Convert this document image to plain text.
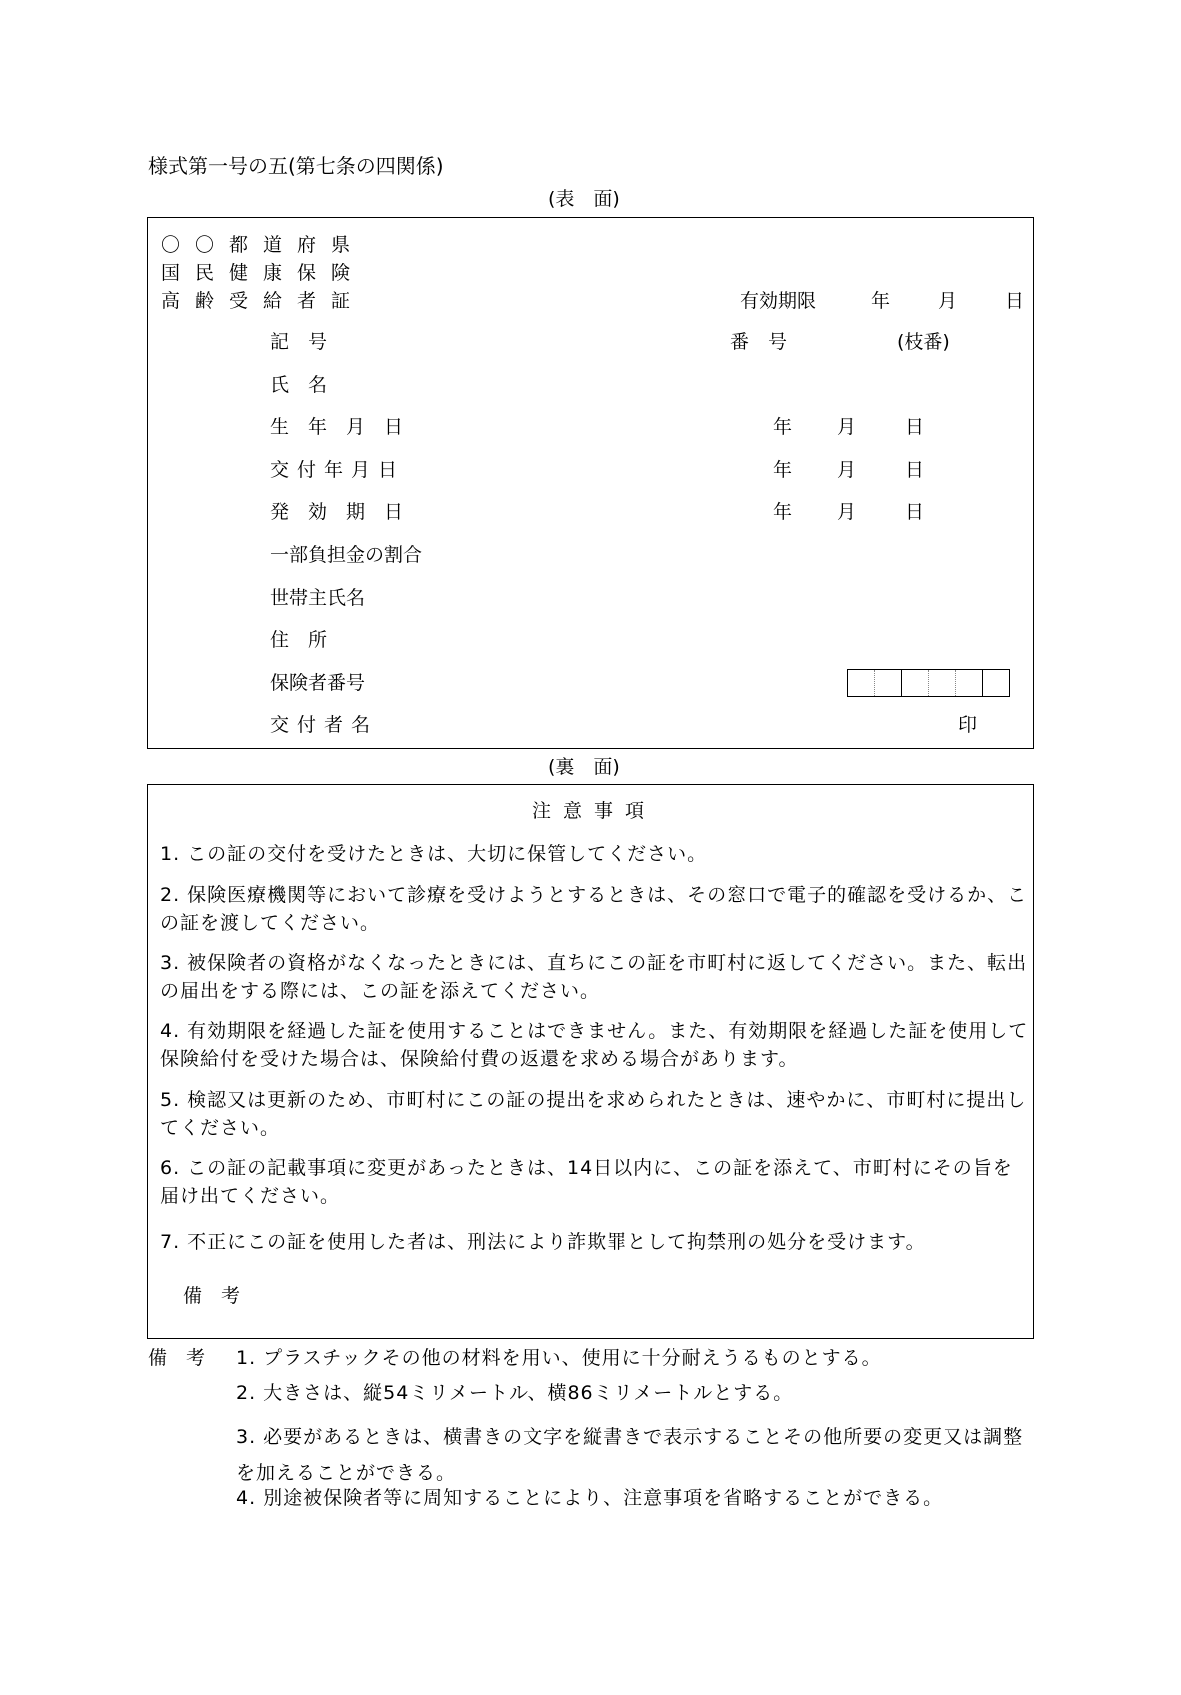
様式第一号の五(第七条の四関係)
(表　面)
〇〇都道府県
国民健康保険
高齢受給者証	有効期限	年	月	日
記　号	番　号	(枝番)
氏　名
生　年　月　日	年 月	日
交付年月日	年 月	日
発　効　期　日	年 月	日
一部負担金の割合
世帯主氏名
住　所
保険者番号
交付者名	印
(裏　面)
注意事項
1. この証の交付を受けたときは、大切に保管してください。
2. 保険医療機関等において診療を受けようとするときは、その窓口で電子的確認を受けるか、この証を渡してください。
3. 被保険者の資格がなくなったときには、直ちにこの証を市町村に返してください。また、転出の届出をする際には、この証を添えてください。
4. 有効期限を経過した証を使用することはできません。また、有効期限を経過した証を使用して保険給付を受けた場合は、保険給付費の返還を求める場合があります。
5. 検認又は更新のため、市町村にこの証の提出を求められたときは、速やかに、市町村に提出してください。
6. この証の記載事項に変更があったときは、14日以内に、この証を添えて、市町村にその旨を届け出てください。
7. 不正にこの証を使用した者は、刑法により詐欺罪として拘禁刑の処分を受けます。
備　考
備　考 1. プラスチックその他の材料を用い、使用に十分耐えうるものとする。
2. 大きさは、縦54ミリメートル、横86ミリメートルとする。
3. 必要があるときは、横書きの文字を縦書きで表示することその他所要の変更又は調整を加えることができる。
4. 別途被保険者等に周知することにより、注意事項を省略することができる。
